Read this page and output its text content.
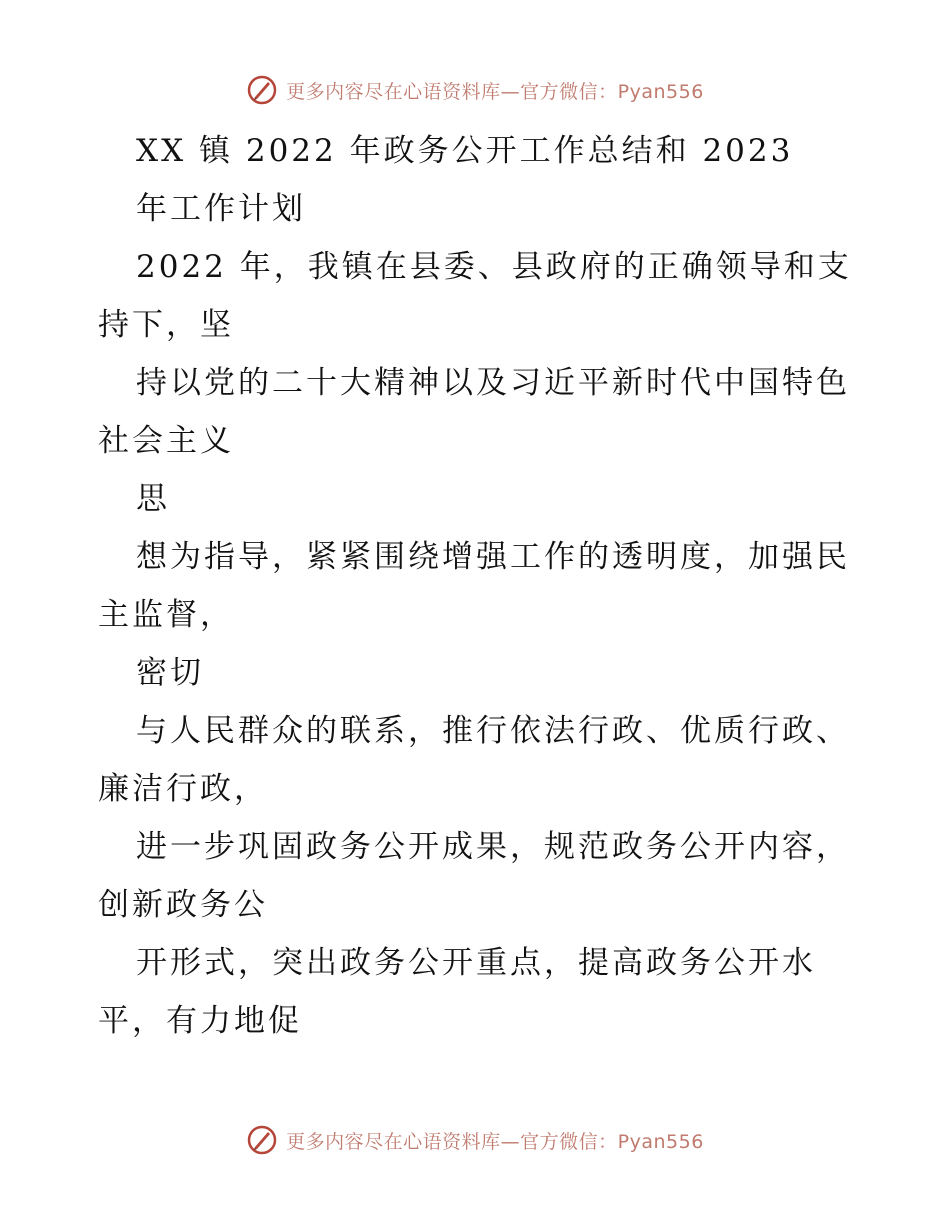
更多内容尽在心语资料库—官方微信：Pyan556
XX 镇 2022 年政务公开工作总结和 2023
年工作计划
2022 年，我镇在县委、县政府的正确领导和支
持下，坚
持以党的二十大精神以及习近平新时代中国特色
社会主义
思
想为指导，紧紧围绕增强工作的透明度，加强民
主监督，
密切
与人民群众的联系，推行依法行政、优质行政、
廉洁行政，
进一步巩固政务公开成果，规范政务公开内容，
创新政务公
开形式，突出政务公开重点，提高政务公开水
平，有力地促
更多内容尽在心语资料库—官方微信：Pyan556
